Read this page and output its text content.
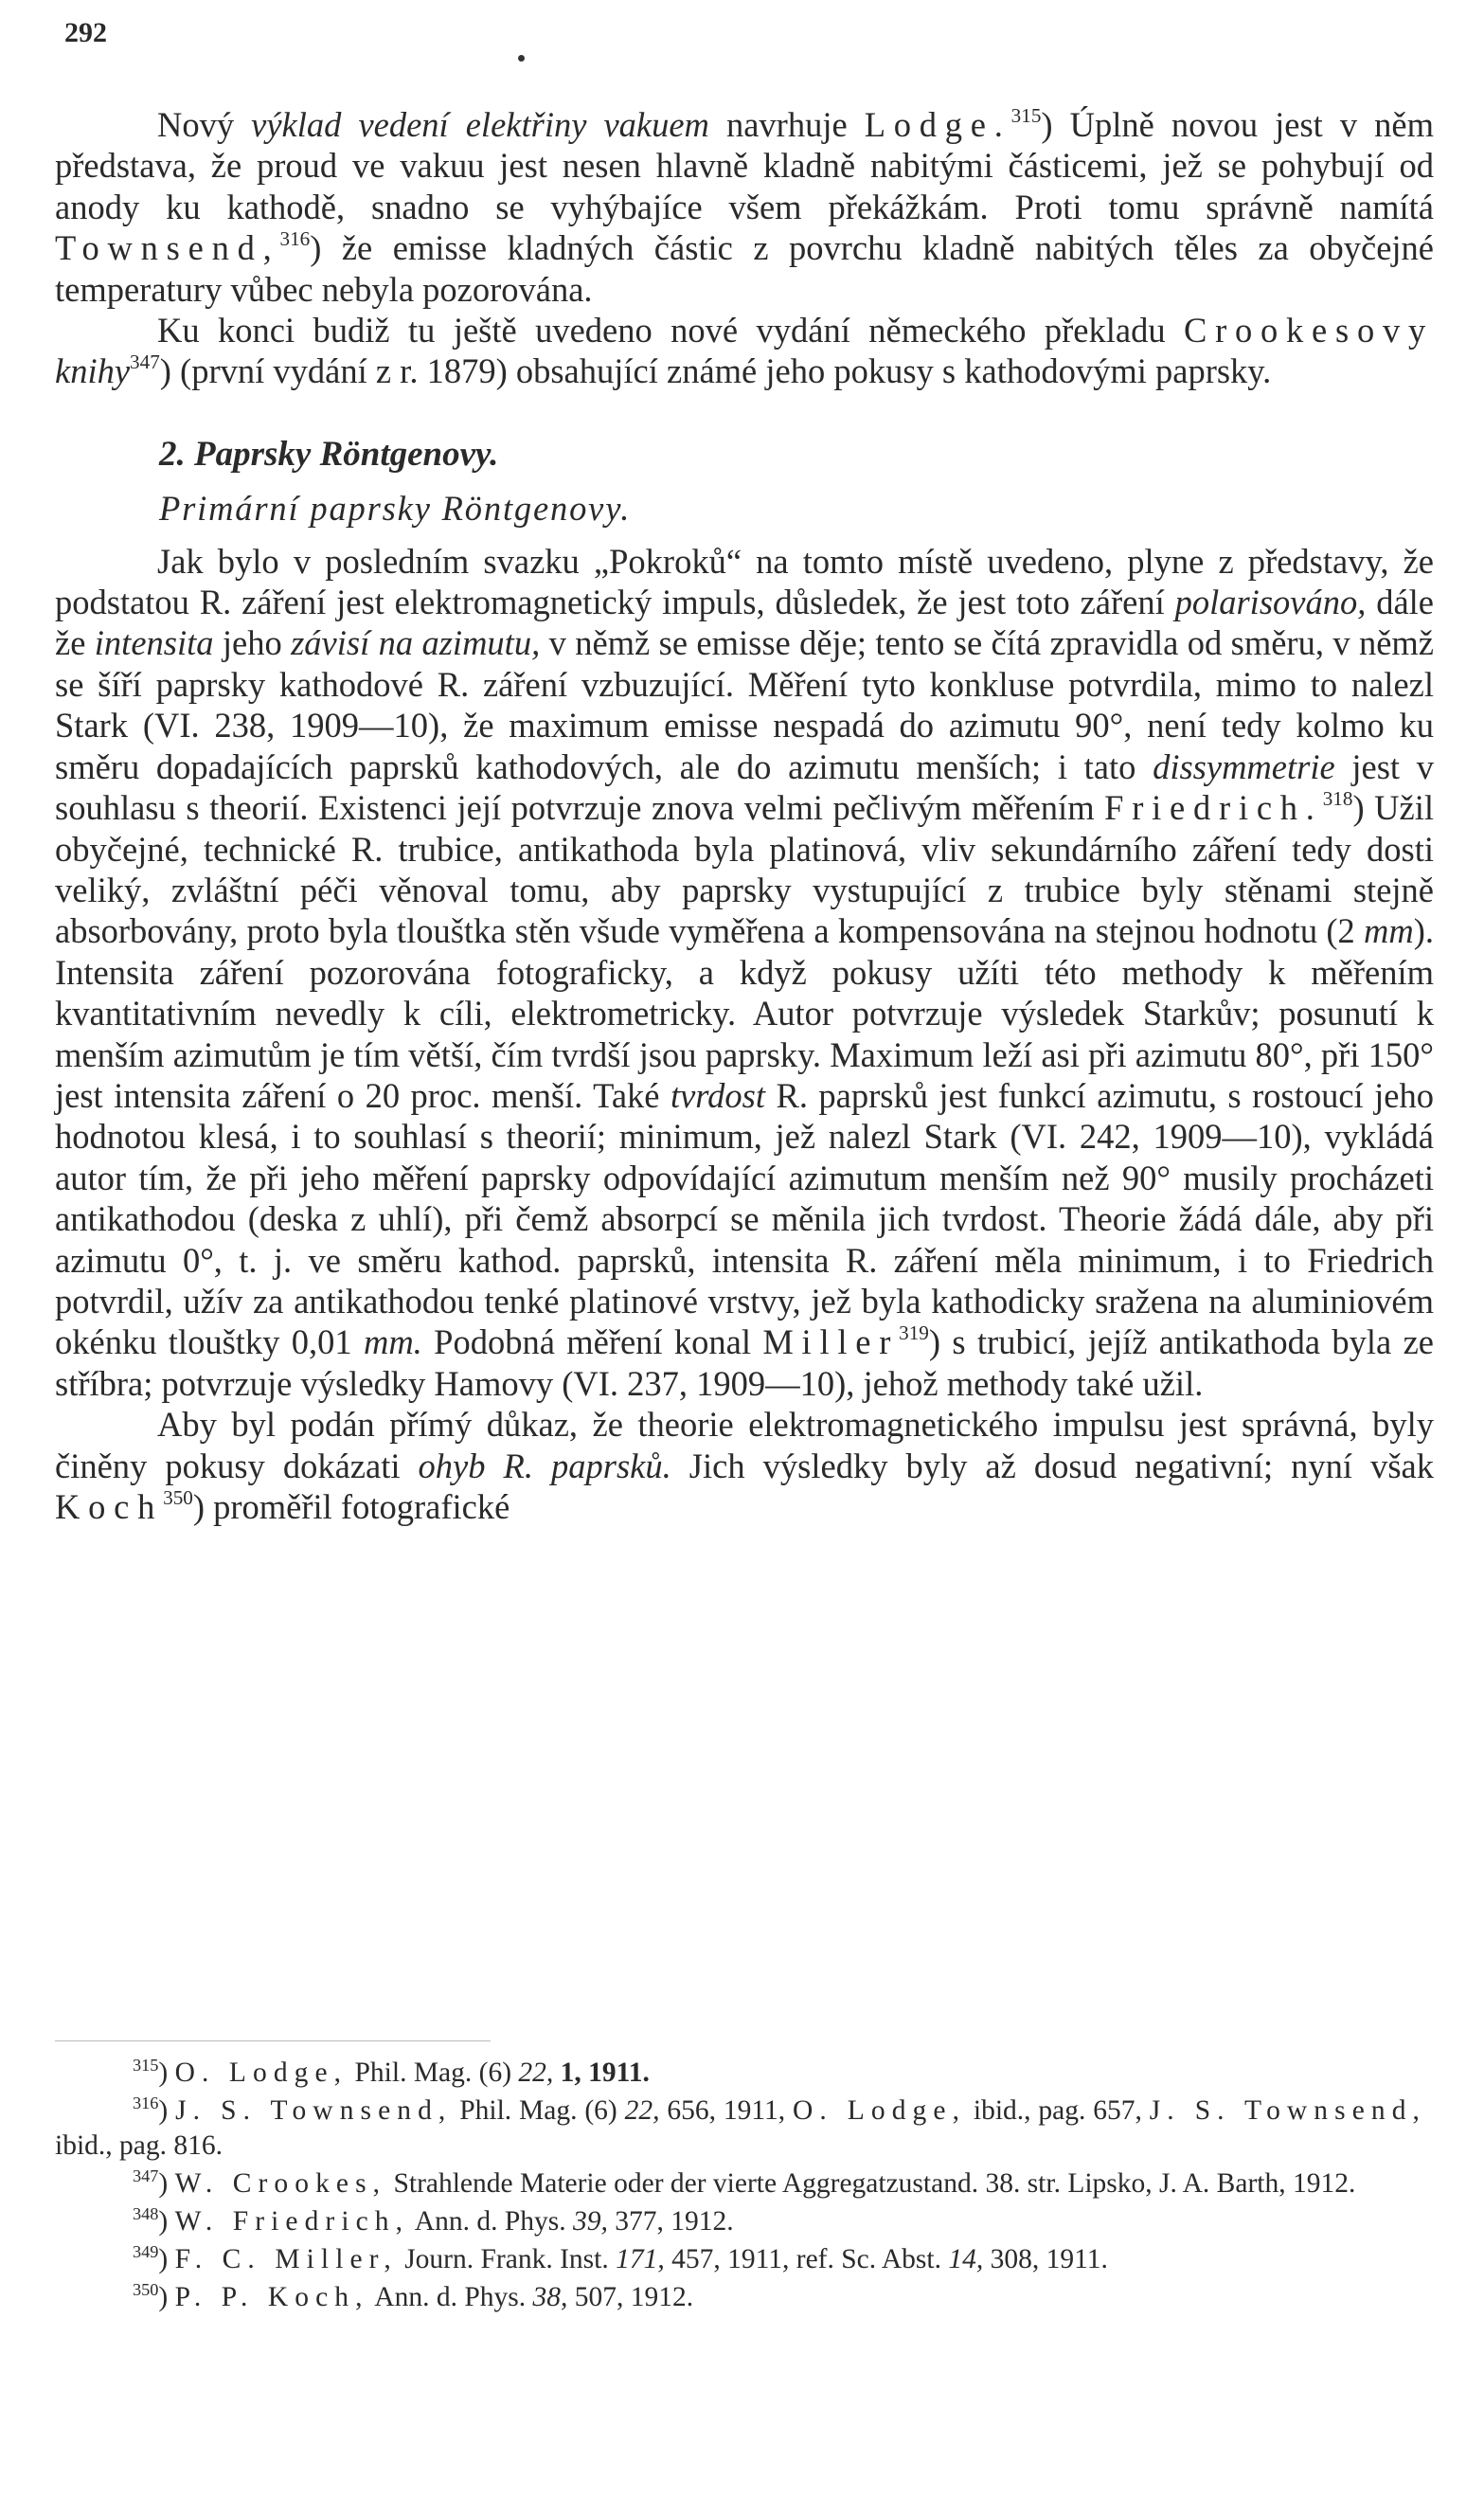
292

Nový výklad vedení elektřiny vakuem navrhuje Lodge.$^{315}$) Úplně novou jest v něm představa, že proud ve vakuu jest nesen hlavně kladně nabitými částicemi, jež se pohybují od anody ku kathodě, snadno se vyhýbajíce všem překážkám. Proti tomu správně namítá Townsend,$^{316}$) že emisse kladných částic z povrchu kladně nabitých těles za obyčejné temperatury vůbec nebyla pozorována.

Ku konci budiž tu ještě uvedeno nové vydání německého překladu Crookesovy knihy$^{347}$) (první vydání z r. 1879) obsahující známé jeho pokusy s kathodovými paprsky.

2. Paprsky Röntgenovy.

Primární paprsky Röntgenovy.

Jak bylo v posledním svazku „Pokroků“ na tomto místě uvedeno, plyne z představy, že podstatou R. záření jest elektromagnetický impuls, důsledek, že jest toto záření polarisováno, dále že intensita jeho závisí na azimutu, v němž se emisse děje; tento se čítá zpravidla od směru, v němž se šíří paprsky kathodové R. záření vzbuzující. Měření tyto konkluse potvrdila, mimo to nalezl Stark (VI. 238, 1909—10), že maximum emisse nespadá do azimutu 90°, není tedy kolmo ku směru dopadajících paprsků kathodových, ale do azimutu menších; i tato dissymmetrie jest v souhlasu s theorií. Existenci její potvrzuje znova velmi pečlivým měřením Friedrich.$^{318}$) Užil obyčejné, technické R. trubice, antikathoda byla platinová, vliv sekundárního záření tedy dosti veliký, zvláštní péči věnoval tomu, aby paprsky vystupující z trubice byly stěnami stejně absorbovány, proto byla tlouštka stěn všude vyměřena a kompensována na stejnou hodnotu (2 mm). Intensita záření pozorována fotograficky, a když pokusy užíti této methody k měřením kvantitativním nevedly k cíli, elektrometricky. Autor potvrzuje výsledek Starkův; posunutí k menším azimutům je tím větší, čím tvrdší jsou paprsky. Maximum leží asi při azimutu 80°, při 150° jest intensita záření o 20 proc. menší. Také tvrdost R. paprsků jest funkcí azimutu, s rostoucí jeho hodnotou klesá, i to souhlasí s theorií; minimum, jež nalezl Stark (VI. 242, 1909—10), vykládá autor tím, že při jeho měření paprsky odpovídající azimutum menším než 90° musily procházeti antikathodou (deska z uhlí), při čemž absorpcí se měnila jich tvrdost. Theorie žádá dále, aby při azimutu 0°, t. j. ve směru kathod. paprsků, intensita R. záření měla minimum, i to Friedrich potvrdil, užív za antikathodou tenké platinové vrstvy, jež byla kathodicky sražena na aluminiovém okénku tlouštky 0,01 mm. Podobná měření konal Miller$^{319}$) s trubicí, jejíž antikathoda byla ze stříbra; potvrzuje výsledky Hamovy (VI. 237, 1909—10), jehož methody také užil.

Aby byl podán přímý důkaz, že theorie elektromagnetického impulsu jest správná, byly činěny pokusy dokázati ohyb R. paprsků. Jich výsledky byly až dosud negativní; nyní však Koch$^{350}$) proměřil fotografické

$^{315}$) O. Lodge, Phil. Mag. (6) 22, 1, 1911.

$^{316}$) J. S. Townsend, Phil. Mag. (6) 22, 656, 1911, O. Lodge, ibid., pag. 657, J. S. Townsend, ibid., pag. 816.

$^{347}$) W. Crookes, Strahlende Materie oder der vierte Aggregatzustand. 38. str. Lipsko, J. A. Barth, 1912.

$^{348}$) W. Friedrich, Ann. d. Phys. 39, 377, 1912.

$^{349}$) F. C. Miller, Journ. Frank. Inst. 171, 457, 1911, ref. Sc. Abst. 14, 308, 1911.

$^{350}$) P. P. Koch, Ann. d. Phys. 38, 507, 1912.
